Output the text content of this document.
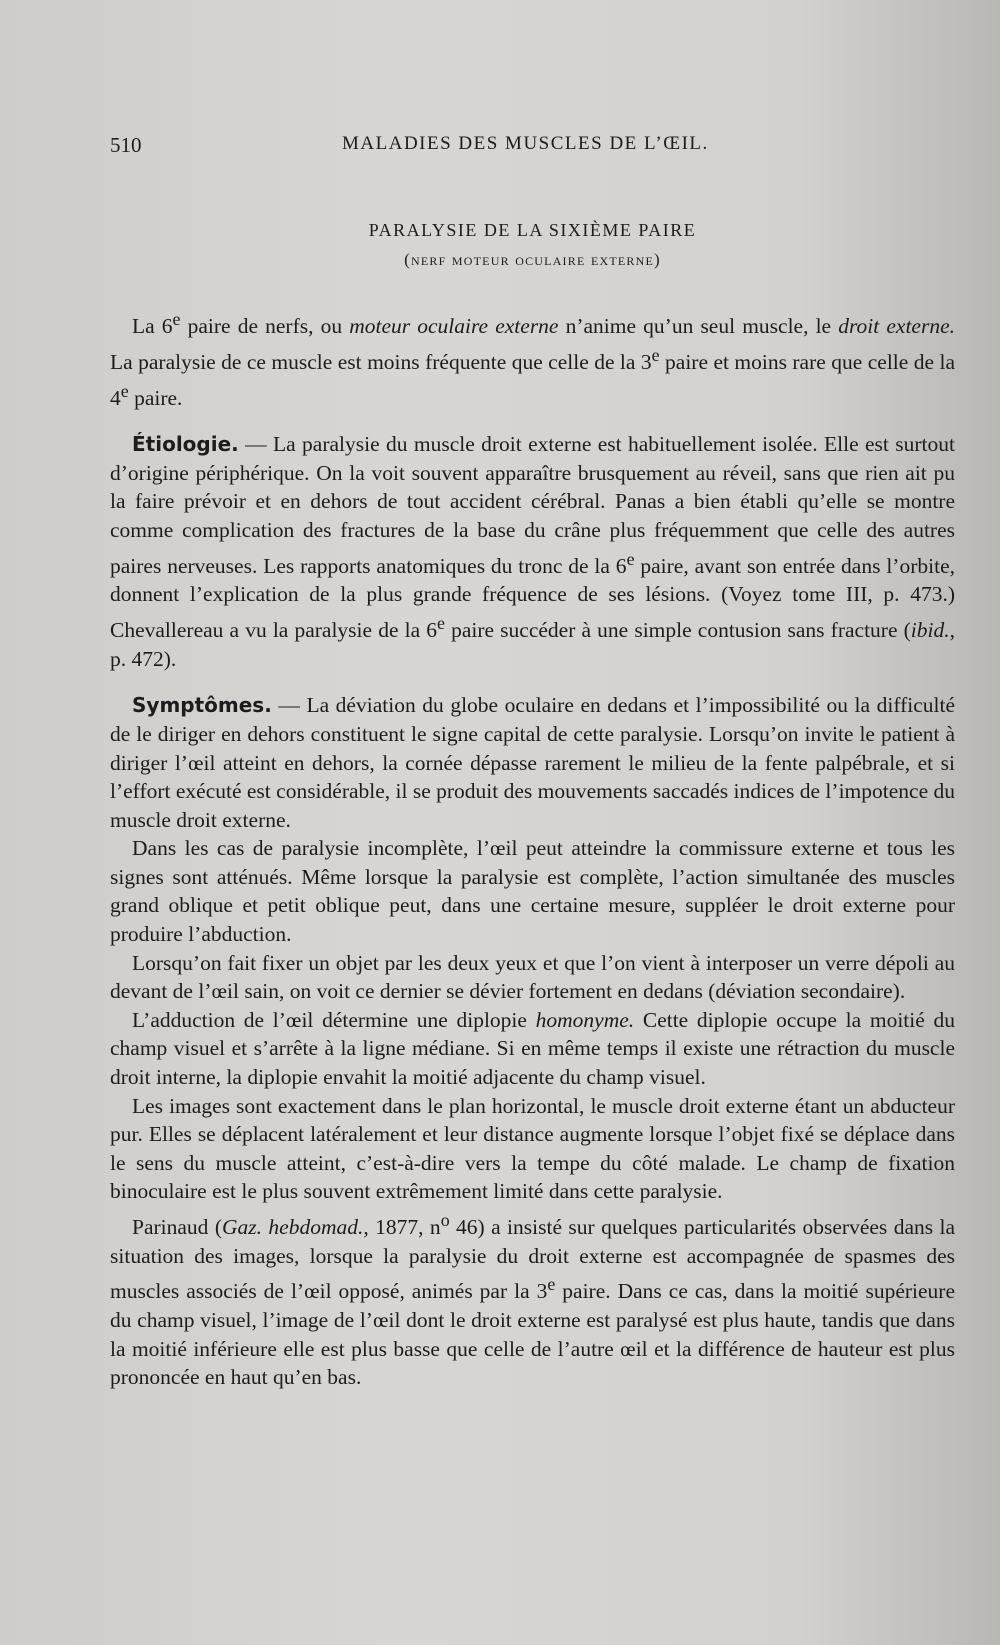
510	MALADIES DES MUSCLES DE L’ŒIL.
PARALYSIE DE LA SIXIÈME PAIRE
(nerf moteur oculaire externe)

La 6e paire de nerfs, ou moteur oculaire externe n’anime qu’un seul muscle, le droit externe. La paralysie de ce muscle est moins fréquente que celle de la 3e paire et moins rare que celle de la 4e paire.

Étiologie. — La paralysie du muscle droit externe est habituellement isolée. Elle est surtout d’origine périphérique. On la voit souvent apparaître brusquement au réveil, sans que rien ait pu la faire prévoir et en dehors de tout accident cérébral. Panas a bien établi qu’elle se montre comme complication des fractures de la base du crâne plus fréquemment que celle des autres paires nerveuses. Les rapports anatomiques du tronc de la 6e paire, avant son entrée dans l’orbite, donnent l’explication de la plus grande fréquence de ses lésions. (Voyez tome III, p. 473.) Chevallereau a vu la paralysie de la 6e paire succéder à une simple contusion sans fracture (ibid., p. 472).

Symptômes. — La déviation du globe oculaire en dedans et l’impossibilité ou la difficulté de le diriger en dehors constituent le signe capital de cette paralysie. Lorsqu’on invite le patient à diriger l’œil atteint en dehors, la cornée dépasse rarement le milieu de la fente palpébrale, et si l’effort exécuté est considérable, il se produit des mouvements saccadés indices de l’impotence du muscle droit externe.

Dans les cas de paralysie incomplète, l’œil peut atteindre la commissure externe et tous les signes sont atténués. Même lorsque la paralysie est complète, l’action simultanée des muscles grand oblique et petit oblique peut, dans une certaine mesure, suppléer le droit externe pour produire l’abduction.

Lorsqu’on fait fixer un objet par les deux yeux et que l’on vient à interposer un verre dépoli au devant de l’œil sain, on voit ce dernier se dévier fortement en dedans (déviation secondaire).

L’adduction de l’œil détermine une diplopie homonyme. Cette diplopie occupe la moitié du champ visuel et s’arrête à la ligne médiane. Si en même temps il existe une rétraction du muscle droit interne, la diplopie envahit la moitié adjacente du champ visuel.

Les images sont exactement dans le plan horizontal, le muscle droit externe étant un abducteur pur. Elles se déplacent latéralement et leur distance augmente lorsque l’objet fixé se déplace dans le sens du muscle atteint, c’est-à-dire vers la tempe du côté malade. Le champ de fixation binoculaire est le plus souvent extrêmement limité dans cette paralysie.

Parinaud (Gaz. hebdomad., 1877, $n^o$ 46) a insisté sur quelques particularités observées dans la situation des images, lorsque la paralysie du droit externe est accompagnée de spasmes des muscles associés de l’œil opposé, animés par la 3e paire. Dans ce cas, dans la moitié supérieure du champ visuel, l’image de l’œil dont le droit externe est paralysé est plus haute, tandis que dans la moitié inférieure elle est plus basse que celle de l’autre œil et la différence de hauteur est plus prononcée en haut qu’en bas.
